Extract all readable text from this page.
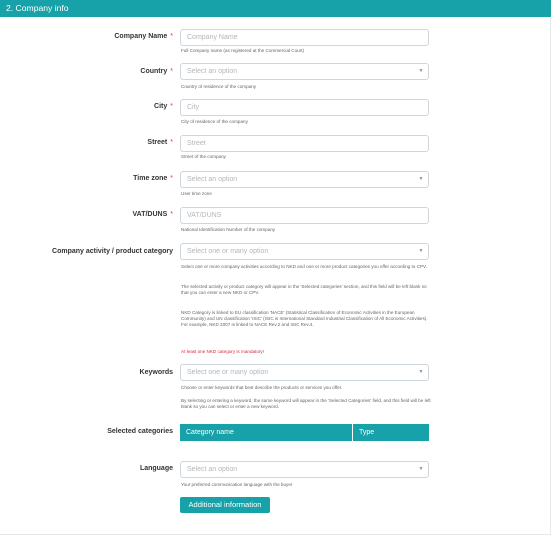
2. Company info
Company Name *	Company Name
Full Company name (as registered at the Commercial Court)
Country *	Select an option	▼
Country of residence of the company
City *	City
City of residence of the company
Street *	Street
Street of the company
Time zone *	Select an option	▼
User time zone
VAT/DUNS *	VAT/DUNS
National Identification Number of the company
Company activity / product category	Select one or many option	▼
Select one or more company activities according to NKD and one or more product categories you offer according to CPV.
The selected activity or product category will appear in the 'Selected categories' section, and this field will be left blank so that you can enter a new NKD or CPV.
NKD Category is linked to EU classification 'NACE' (Statistical Classification of Economic Activities in the European Community) and UN classification 'ISIC' (ISIC is International Standard Industrial Classification of All Economic Activities). For example, NKD 2007 is linked to NACE Rev.2 and ISIC Rev.4.
At least one NKD category is mandatory!
Keywords	Select one or many option	▼
Choose or enter keywords that best describe the products or services you offer.
By selecting or entering a keyword, the same keyword will appear in the 'Selected Categories' field, and this field will be left blank so you can select or enter a new keyword.
Selected categories	Category name	Type
Language	Select an option	▼
Your preferred communication language with the buyer
Additional information
